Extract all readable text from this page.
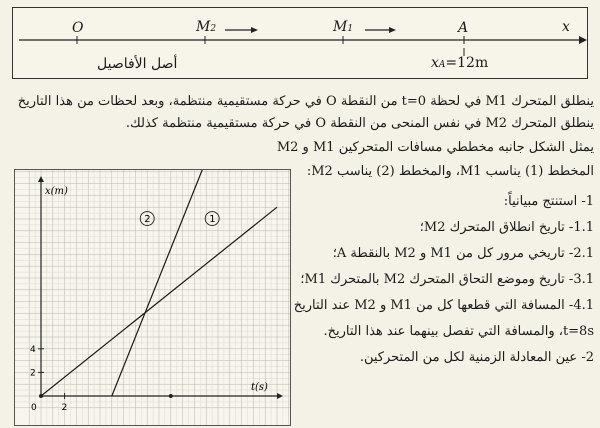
O	M2	M1	A	x
أصل الأفاصيل	xA=12m
ينطلق المتحرك M1 في لحظة t=0 من النقطة O في حركة مستقيمية منتظمة، وبعد لحظات من هذا التاريخ
ينطلق المتحرك M2 في نفس المنحى من النقطة O في حركة مستقيمية منتظمة كذلك.
يمثل الشكل جانبه مخططي مسافات المتحركين M1 و M2
x(m)
t(s)
0	2
2
4
1
2
المخطط (1) يناسب M1، والمخطط (2) يناسب M2:
1- استنتج مبيانياً:
1.1- تاريخ انطلاق المتحرك M2؛
2.1- تاريخي مرور كل من M1 و M2 بالنقطة A؛
3.1- تاريخ وموضع التحاق المتحرك M2 بالمتحرك M1؛
4.1- المسافة التي قطعها كل من M1 و M2 عند التاريخ
t=8s، والمسافة التي تفصل بينهما عند هذا التاريخ.
2- عين المعادلة الزمنية لكل من المتحركين.
